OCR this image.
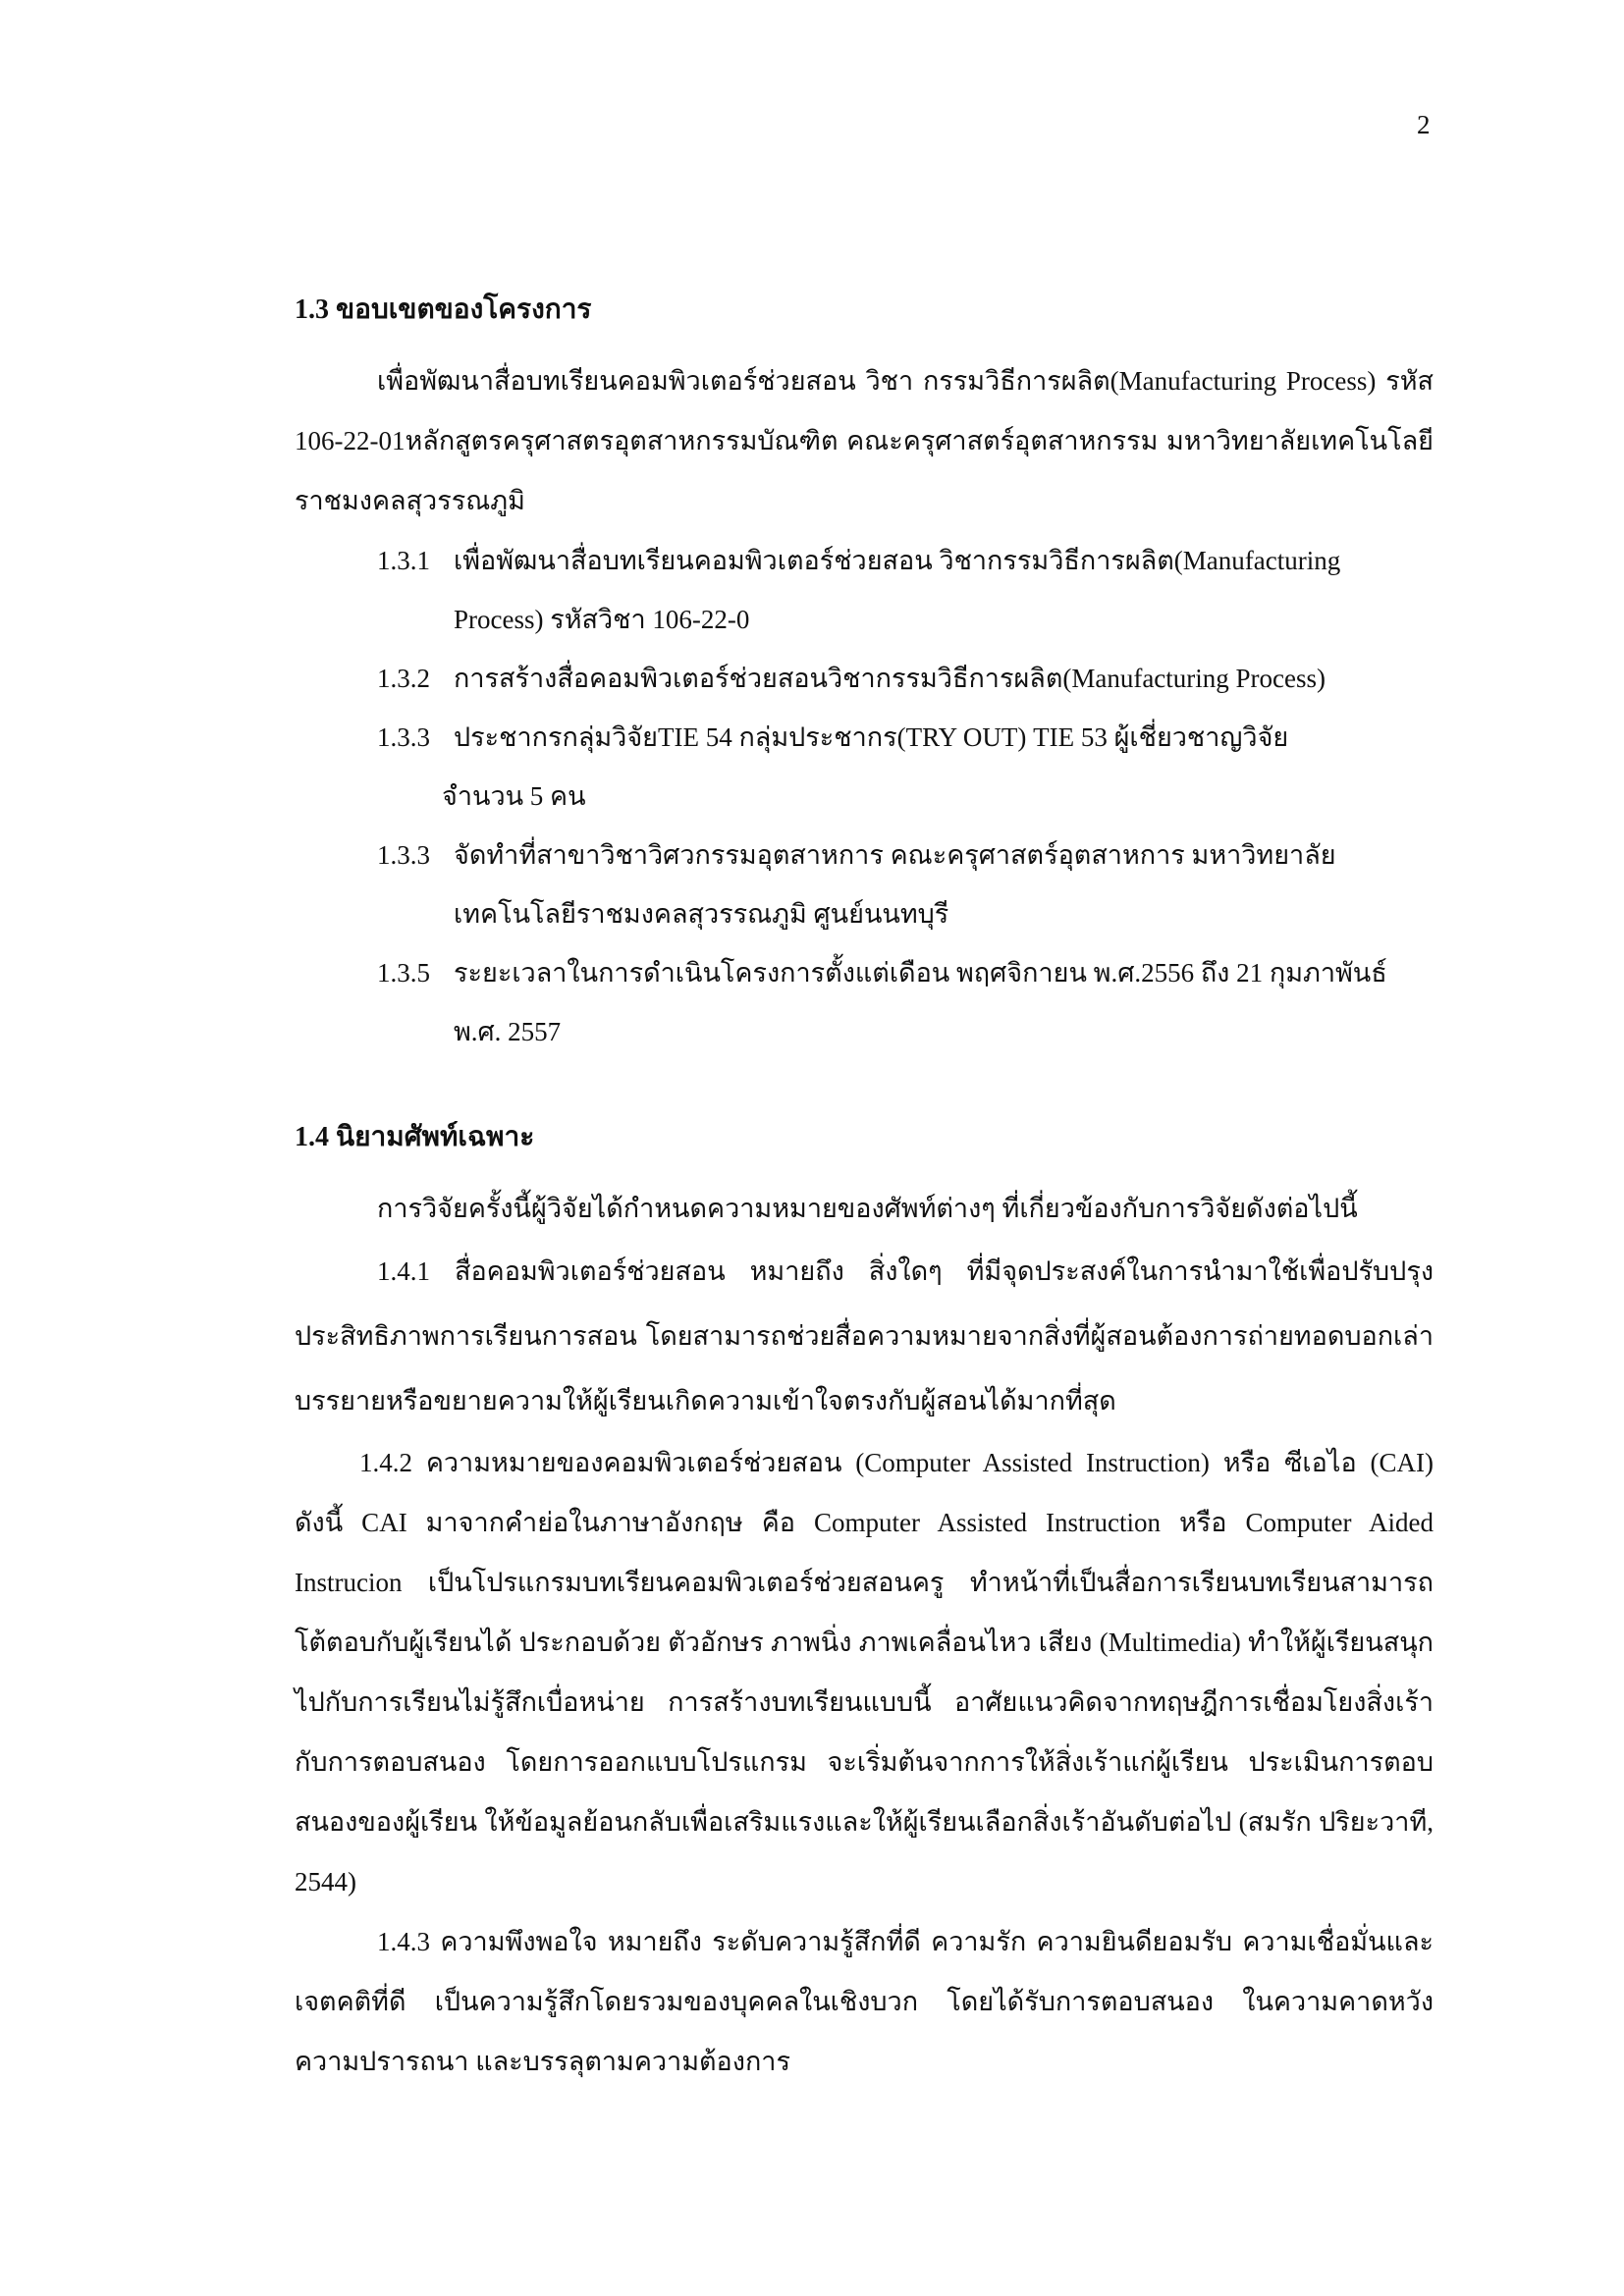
2

1.3 ขอบเขตของโครงการ

เพื่อพัฒนาสื่อบทเรียนคอมพิวเตอร์ช่วยสอน วิชา กรรมวิธีการผลิต(Manufacturing Process) รหัส 106-22-01หลักสูตรครุศาสตรอุตสาหกรรมบัณฑิต คณะครุศาสตร์อุตสาหกรรม มหาวิทยาลัยเทคโนโลยีราชมงคลสุวรรณภูมิ

1.3.1 เพื่อพัฒนาสื่อบทเรียนคอมพิวเตอร์ช่วยสอน วิชากรรมวิธีการผลิต(Manufacturing
Process) รหัสวิชา 106-22-0
1.3.2 การสร้างสื่อคอมพิวเตอร์ช่วยสอนวิชากรรมวิธีการผลิต(Manufacturing Process)
1.3.3 ประชากรกลุ่มวิจัยTIE 54 กลุ่มประชากร(TRY OUT) TIE 53 ผู้เชี่ยวชาญวิจัย
จำนวน 5 คน
1.3.3 จัดทำที่สาขาวิชาวิศวกรรมอุตสาหการ คณะครุศาสตร์อุตสาหการ มหาวิทยาลัย
เทคโนโลยีราชมงคลสุวรรณภูมิ ศูนย์นนทบุรี
1.3.5 ระยะเวลาในการดำเนินโครงการตั้งแต่เดือน พฤศจิกายน พ.ศ.2556 ถึง 21 กุมภาพันธ์
พ.ศ. 2557

1.4 นิยามศัพท์เฉพาะ

การวิจัยครั้งนี้ผู้วิจัยได้กำหนดความหมายของศัพท์ต่างๆ ที่เกี่ยวข้องกับการวิจัยดังต่อไปนี้

1.4.1 สื่อคอมพิวเตอร์ช่วยสอน หมายถึง สิ่งใดๆ ที่มีจุดประสงค์ในการนำมาใช้เพื่อปรับปรุงประสิทธิภาพการเรียนการสอน โดยสามารถช่วยสื่อความหมายจากสิ่งที่ผู้สอนต้องการถ่ายทอดบอกเล่าบรรยายหรือขยายความให้ผู้เรียนเกิดความเข้าใจตรงกับผู้สอนได้มากที่สุด

1.4.2 ความหมายของคอมพิวเตอร์ช่วยสอน (Computer Assisted Instruction) หรือ ซีเอไอ (CAI) ดังนี้ CAI มาจากคำย่อในภาษาอังกฤษ คือ Computer Assisted Instruction หรือ Computer Aided Instrucion เป็นโปรแกรมบทเรียนคอมพิวเตอร์ช่วยสอนครู ทำหน้าที่เป็นสื่อการเรียนบทเรียนสามารถโต้ตอบกับผู้เรียนได้ ประกอบด้วย ตัวอักษร ภาพนิ่ง ภาพเคลื่อนไหว เสียง (Multimedia) ทำให้ผู้เรียนสนุกไปกับการเรียนไม่รู้สึกเบื่อหน่าย การสร้างบทเรียนแบบนี้ อาศัยแนวคิดจากทฤษฎีการเชื่อมโยงสิ่งเร้ากับการตอบสนอง โดยการออกแบบโปรแกรม จะเริ่มต้นจากการให้สิ่งเร้าแก่ผู้เรียน ประเมินการตอบสนองของผู้เรียน ให้ข้อมูลย้อนกลับเพื่อเสริมแรงและให้ผู้เรียนเลือกสิ่งเร้าอันดับต่อไป (สมรัก ปริยะวาที, 2544)

1.4.3 ความพึงพอใจ หมายถึง ระดับความรู้สึกที่ดี ความรัก ความยินดียอมรับ ความเชื่อมั่นและเจตคติที่ดี เป็นความรู้สึกโดยรวมของบุคคลในเชิงบวก โดยได้รับการตอบสนอง ในความคาดหวัง ความปรารถนา และบรรลุตามความต้องการ
